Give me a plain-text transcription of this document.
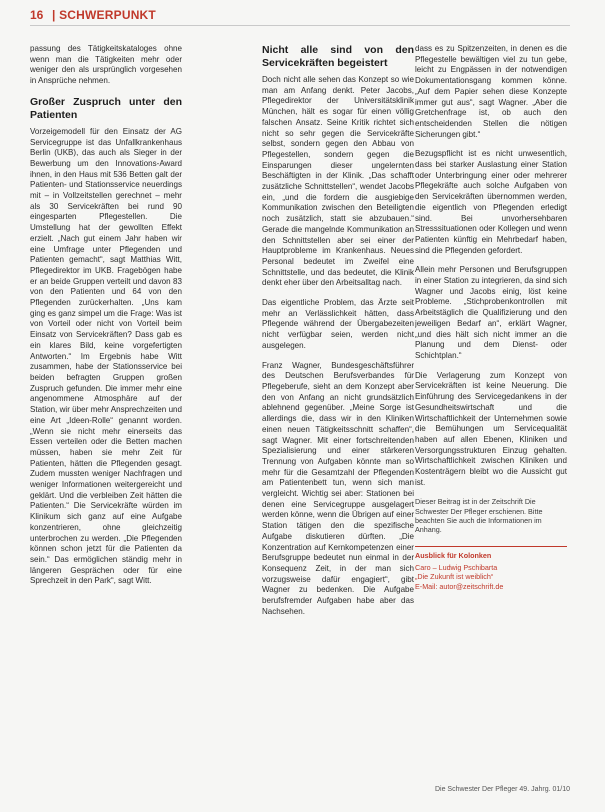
16 | SCHWERPUNKT

passung des Tätigkeitskataloges ohne wenn man die Tätigkeiten mehr oder weniger den als ursprünglich vorgesehen in Ansprüche nehmen.

Großer Zuspruch unter den Patienten

Vorzeigemodell für den Einsatz der AG Servicegruppe ist das Unfallkrankenhaus Berlin (UKB), das auch als Sieger in der Bewerbung um den Innovations-Award ihnen, in den Haus mit 536 Betten galt der Patienten- und Stationsservice neuerdings mit – in Vollzeitstellen gerechnet – mehr als 30 Servicekräften bei rund 90 eingesparten Pflegestellen. Die Umstellung hat der gewollten Effekt erzielt. „Nach gut einem Jahr haben wir eine Umfrage unter Pflegenden und Patienten gemacht“, sagt Matthias Witt, Pflegedirektor im UKB. Fragebögen habe er an beide Gruppen verteilt und davon 83 von den Patienten und 64 von den Pflegenden zurückerhalten. „Uns kam ging es ganz simpel um die Frage: Was ist von Vorteil oder nicht von Vorteil beim Einsatz von Servicekräften? Dass gab es ein klares Bild, keine vorgefertigten Antworten.“ Im Ergebnis habe Witt zusammen, habe der Stationsservice bei beiden befragten Gruppen großen Zuspruch gefunden. Die immer mehr eine angenommene Atmosphäre auf der Station, wir über mehr Ansprechzeiten und eine Art „Ideen-Rolle“ genannt worden. „Wenn sie nicht mehr einerseits das Essen verteilen oder die Betten machen müssen, haben sie mehr Zeit für Patienten, hätten die Pflegenden gesagt. Zudem mussten weniger Nachfragen und weniger Informationen weitergereicht und geklärt. Und die verbleiben Zeit hätten die Patienten.“ Die Servicekräfte würden im Klinikum sich ganz auf eine Aufgabe konzentrieren, ohne gleichzeitig unterbrochen zu werden. „Die Pflegenden können schon jetzt für die Patienten da sein.“ Das ermöglichen ständig mehr in längeren Gesprächen oder für eine Sprechzeit in den Park“, sagt Witt.

Nicht alle sind von den Servicekräften begeistert

Doch nicht alle sehen das Konzept so wie man am Anfang denkt. Peter Jacobs, Pflegedirektor der Universitätsklinik München, hält es sogar für einen völlig falschen Ansatz. Seine Kritik richtet sich nicht so sehr gegen die Servicekräfte selbst, sondern gegen den Abbau von Pflegestellen, sondern gegen die Einsparungen dieser ungelernten Beschäftigten in der Klinik. „Das schafft zusätzliche Schnittstellen“, wendet Jacobs ein, „und die fordern die ausgiebige Kommunikation zwischen den Beteiligten noch zusätzlich, statt sie abzubauen.“ Gerade die mangelnde Kommunikation an den Schnittstellen aber sei einer der Hauptprobleme im Krankenhaus. Neues Personal bedeutet im Zweifel eine Schnittstelle, und das bedeutet, die Klinik denkt eher über den Arbeitsalltag nach.

Das eigentliche Problem, das Ärzte seit mehr an Verlässlichkeit hätten, dass Pflegende während der Übergabezeiten nicht verfügbar seien, werden nicht ausgelegen.

Franz Wagner, Bundesgeschäftsführer des Deutschen Berufsverbandes für Pflegeberufe, sieht an dem Konzept aber den von Anfang an nicht grundsätzlich ablehnend gegenüber. „Meine Sorge ist allerdings die, dass wir in den Kliniken einen neuen Tätigkeitsschnitt schaffen“, sagt Wagner. Mit einer fortschreitenden Spezialisierung und einer stärkeren Trennung von Aufgaben könnte man so mehr für die Gesamtzahl der Pflegenden am Patientenbett tun, wenn sich man vergleicht. Wichtig sei aber: Stationen bei denen eine Servicegruppe ausgelagert werden könne, wenn die Übrigen auf einer Station tätigen den die spezifische Aufgabe diskutieren dürften. „Die Konzentration auf Kernkompetenzen einer Berufsgruppe bedeutet nun einmal in der Konsequenz Zeit, in der man sich vorzugsweise dafür engagiert“, gibt Wagner zu bedenken. Die Aufgabe berufsfremder Aufgaben habe aber das Nachsehen.

dass es zu Spitzenzeiten, in denen es die Pflegestelle bewältigen viel zu tun gebe, leicht zu Engpässen in der notwendigen Dokumentationsgang kommen könne. „Auf dem Papier sehen diese Konzepte immer gut aus“, sagt Wagner. „Aber die Gretchenfrage ist, ob auch den entscheidenden Stellen die nötigen Sicherungen gibt.“

Bezugspflicht ist es nicht unwesentlich, dass bei starker Auslastung einer Station oder Unterbringung einer oder mehrerer Pflegekräfte auch solche Aufgaben von den Servicekräften übernommen werden, die eigentlich von Pflegenden erledigt sind. Bei unvorhersehbaren Stresssituationen oder Kollegen und wenn Patienten künftig ein Mehrbedarf haben, sind die Pflegenden gefordert.

Allein mehr Personen und Berufsgruppen in einer Station zu integrieren, da sind sich Wagner und Jacobs einig, löst keine Probleme. „Stichprobenkontrollen mit Arbeitstäglich die Qualifizierung und den jeweiligen Bedarf an“, erklärt Wagner, „und dies hält sich nicht immer an die Planung und dem Dienst- oder Schichtplan.“

Die Verlagerung zum Konzept von Servicekräften ist keine Neuerung. Die Einführung des Servicegedankens in der Gesundheitswirtschaft und die Wirtschaftlichkeit der Unternehmen sowie die Bemühungen um Servicequalität haben auf allen Ebenen, Kliniken und Versorgungsstrukturen Einzug gehalten. Wirtschaftlichkeit zwischen Kliniken und Kostenträgern bleibt wo die Aussicht gut ist.

Dieser Beitrag ist in der Zeitschrift Die Schwester Der Pfleger erschienen. Bitte beachten Sie auch die Informationen im Anhang.
Ausblick für Kolonken
Caro – Ludwig Pschibarta
„Die Zukunft ist weiblich“
E-Mail: autor@zeitschrift.de
Die Schwester Der Pfleger 49. Jahrg. 01/10
